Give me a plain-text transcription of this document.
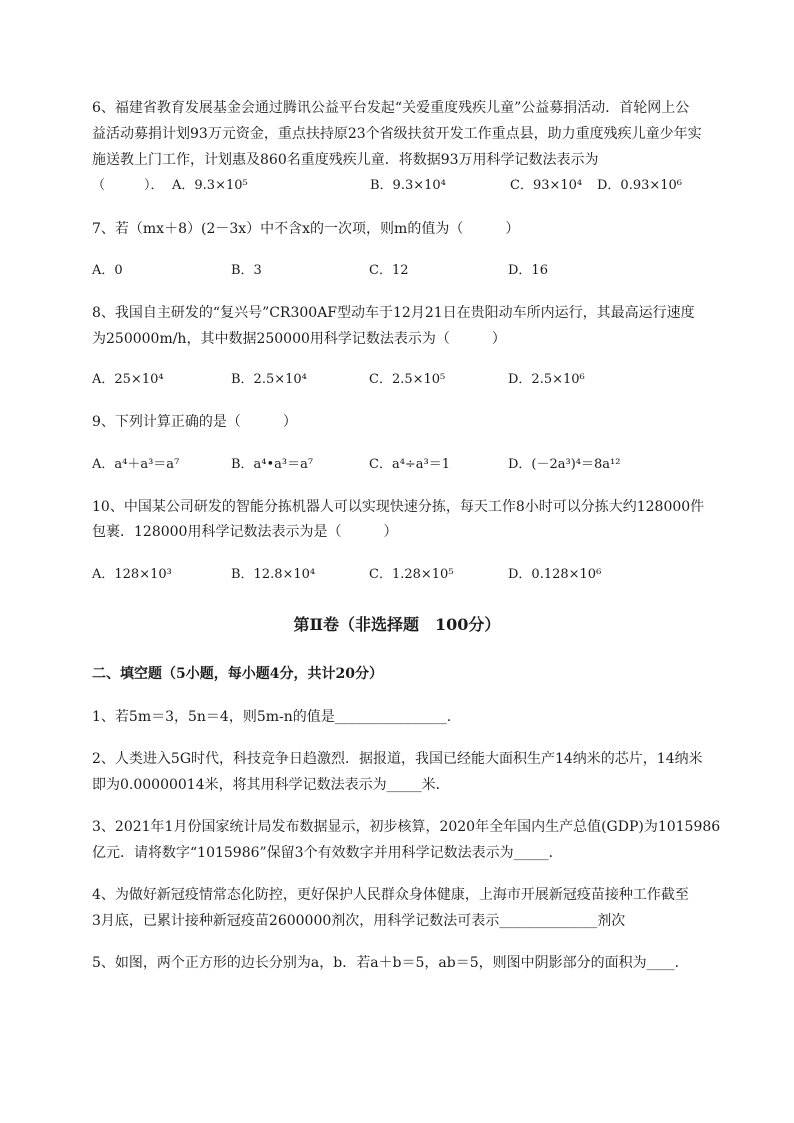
6、福建省教育发展基金会通过腾讯公益平台发起“关爱重度残疾儿童”公益募捐活动．首轮网上公
益活动募捐计划93万元资金，重点扶持原23个省级扶贫开发工作重点县，助力重度残疾儿童少年实
施送教上门工作，计划惠及860名重度残疾儿童．将数据93万用科学记数法表示为
（　　　）． A．9.3×10⁵	B．9.3×10⁴	C．93×10⁴ D．0.93×10⁶
7、若（mx＋8）(2－3x）中不含x的一次项，则m的值为（　　　）
A．0	B．3	C．12	D．16
8、我国自主研发的“复兴号”CR300AF型动车于12月21日在贵阳动车所内运行，其最高运行速度
为250000m/h，其中数据250000用科学记数法表示为（　　　）
A．25×10⁴	B．2.5×10⁴	C．2.5×10⁵	D．2.5×10⁶
9、下列计算正确的是（　　　）
A．a⁴＋a³＝a⁷	B．a⁴•a³＝a⁷	C．a⁴÷a³＝1	D．(－2a³)⁴＝8a¹²
10、中国某公司研发的智能分拣机器人可以实现快速分拣，每天工作8小时可以分拣大约128000件
包裹．128000用科学记数法表示为是（　　　）
A．128×10³	B．12.8×10⁴	C．1.28×10⁵	D．0.128×10⁶
第Ⅱ卷（非选择题　100分）
二、填空题（5小题，每小题4分，共计20分）
1、若5m＝3，5n＝4，则5m-n的值是________________.
2、人类进入5G时代，科技竞争日趋激烈．据报道，我国已经能大面积生产14纳米的芯片，14纳米
即为0.00000014米，将其用科学记数法表示为_____米．
3、2021年1月份国家统计局发布数据显示，初步核算，2020年全年国内生产总值(GDP)为1015986
亿元．请将数字“1015986”保留3个有效数字并用科学记数法表示为_____．
4、为做好新冠疫情常态化防控，更好保护人民群众身体健康，上海市开展新冠疫苗接种工作截至
3月底，已累计接种新冠疫苗2600000剂次，用科学记数法可表示______________剂次
5、如图，两个正方形的边长分别为a，b．若a＋b＝5，ab＝5，则图中阴影部分的面积为____．
